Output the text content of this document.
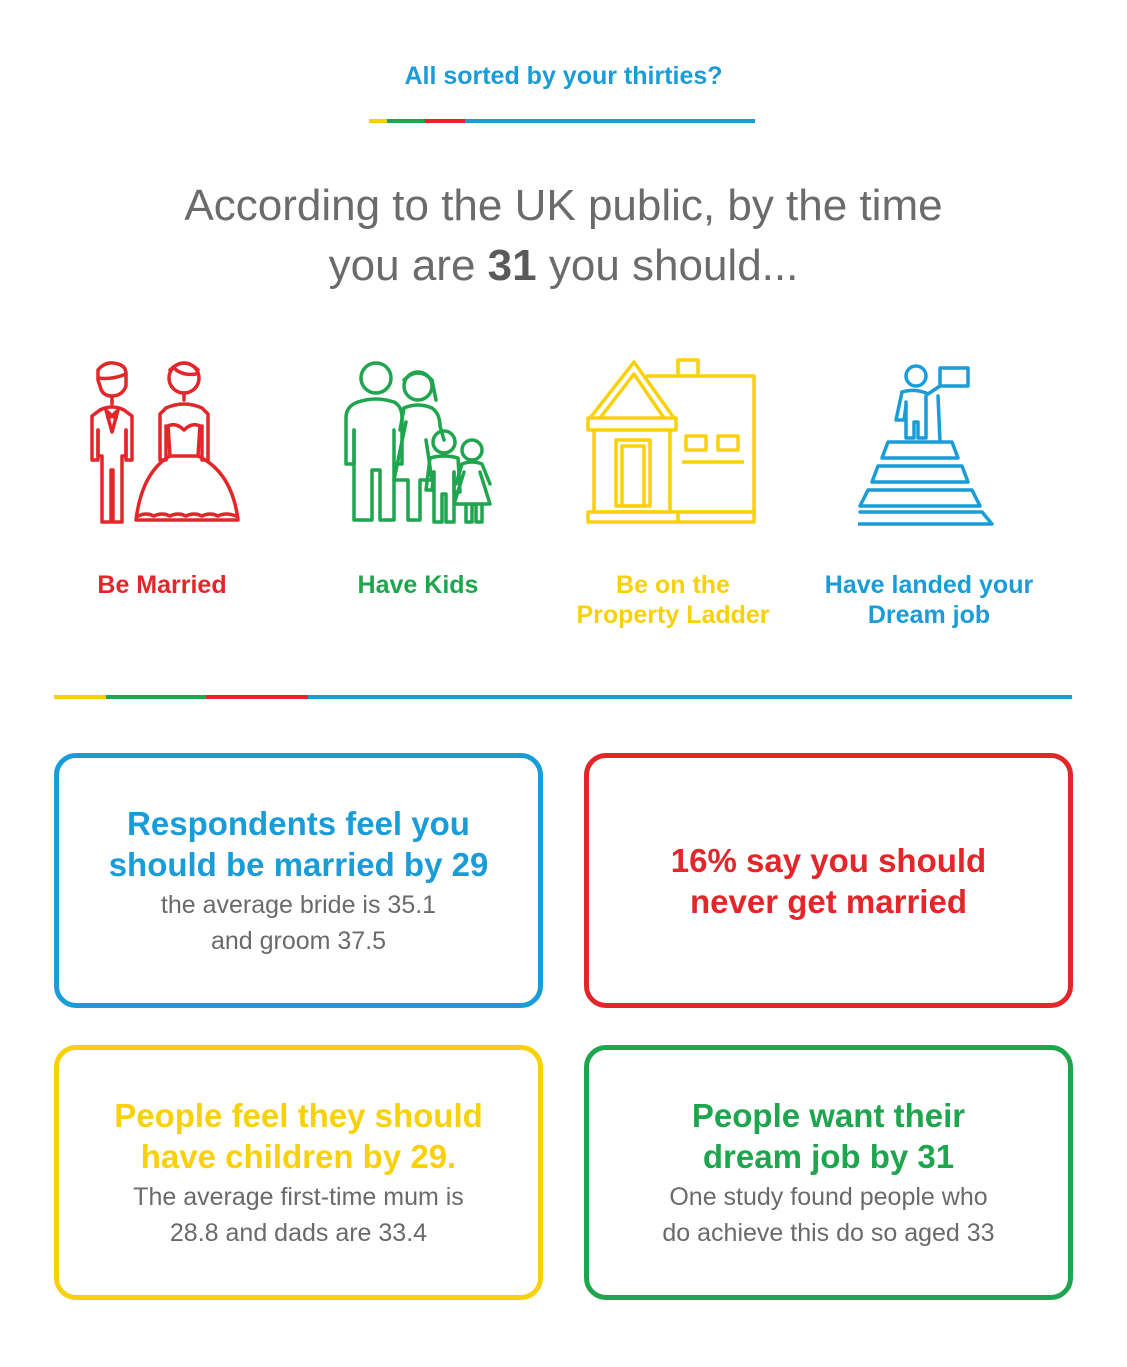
All sorted by your thirties?
According to the UK public, by the time
you are 31 you should...
Be Married	Have Kids	Be on the
Property Ladder
Have landed your
Dream job
Respondents feel you
should be married by 29
the average bride is 35.1
and groom 37.5
16% say you should
never get married
People feel they should
have children by 29.
The average first-time mum is
28.8 and dads are 33.4
People want their
dream job by 31
One study found people who
do achieve this do so aged 33
